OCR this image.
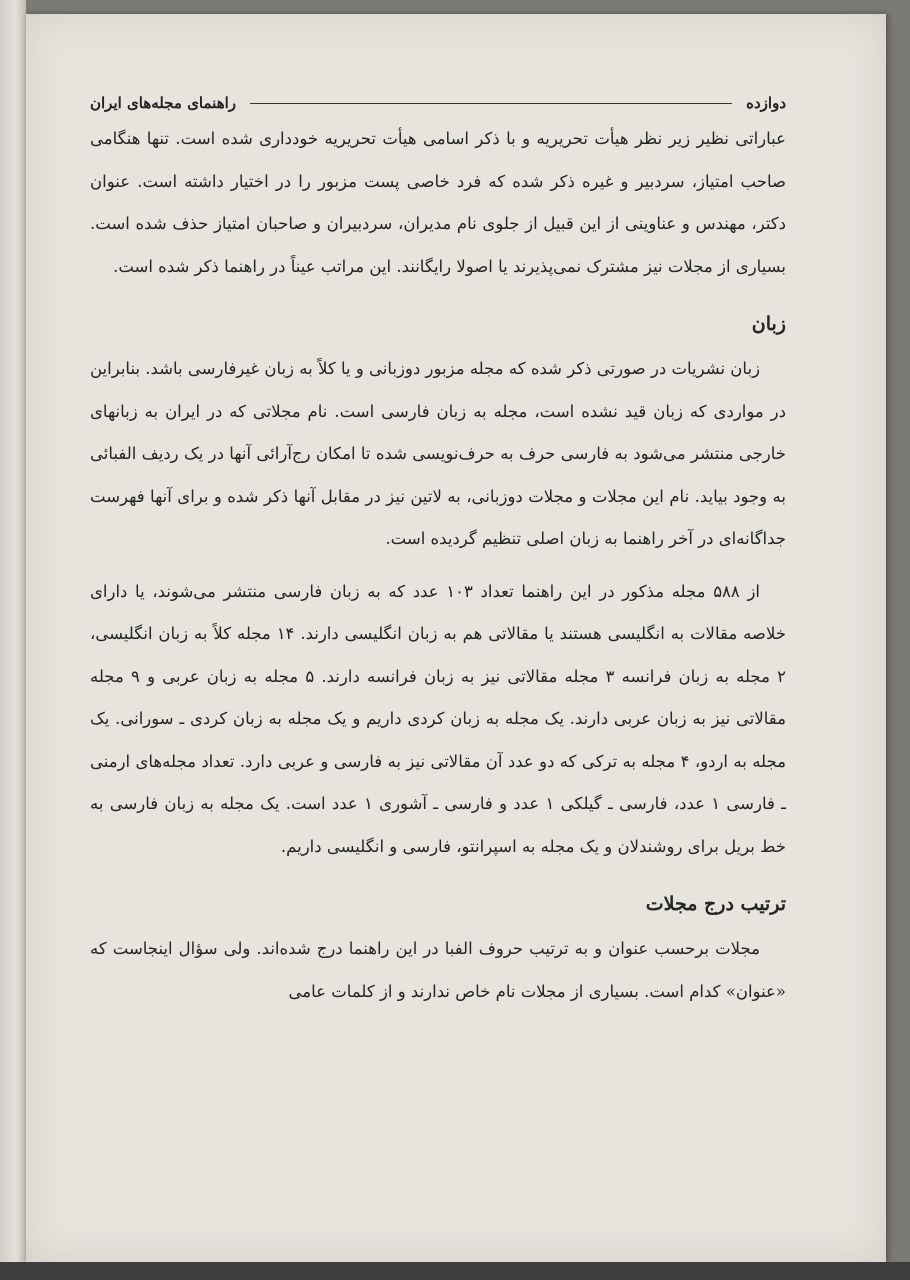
دوازده
راهنمای مجله‌های ایران

عباراتی نظیر زیر نظر هیأت تحریریه و با ذکر اسامی هیأت تحریریه خودداری شده است. تنها هنگامی صاحب امتیاز، سردبیر و غیره ذکر شده که فرد خاصی پست مزبور را در اختیار داشته است. عنوان دکتر، مهندس و عناوینی از این قبیل از جلوی نام مدیران، سردبیران و صاحبان امتیاز حذف شده است. بسیاری از مجلات نیز مشترک نمی‌پذیرند یا اصولا رایگانند. این مراتب عیناً در راهنما ذکر شده است.

زبان

زبان نشریات در صورتی ذکر شده که مجله مزبور دوزبانی و یا کلاً به زبان غیرفارسی باشد. بنابراین در مواردی که زبان قید نشده است، مجله به زبان فارسی است. نام مجلاتی که در ایران به زبانهای خارجی منتشر می‌شود به فارسی حرف به حرف‌نویسی شده تا امکان رج‌آرائی آنها در یک ردیف الفبائی به وجود بیاید. نام این مجلات و مجلات دوزبانی، به لاتین نیز در مقابل آنها ذکر شده و برای آنها فهرست جداگانه‌ای در آخر راهنما به زبان اصلی تنظیم گردیده است.

از ۵۸۸ مجله مذکور در این راهنما تعداد ۱۰۳ عدد که به زبان فارسی منتشر می‌شوند، یا دارای خلاصه مقالات به انگلیسی هستند یا مقالاتی هم به زبان انگلیسی دارند. ۱۴ مجله کلاً به زبان انگلیسی، ۲ مجله به زبان فرانسه ۳ مجله مقالاتی نیز به زبان فرانسه دارند. ۵ مجله به زبان عربی و ۹ مجله مقالاتی نیز به زبان عربی دارند. یک مجله به زبان کردی داریم و یک مجله به زبان کردی ـ سورانی. یک مجله به اردو، ۴ مجله به ترکی که دو عدد آن مقالاتی نیز به فارسی و عربی دارد. تعداد مجله‌های ارمنی ـ فارسی ۱ عدد، فارسی ـ گیلکی ۱ عدد و فارسی ـ آشوری ۱ عدد است. یک مجله به زبان فارسی به خط بریل برای روشندلان و یک مجله به اسپرانتو، فارسی و انگلیسی داریم.

ترتیب درج مجلات

مجلات برحسب عنوان و به ترتیب حروف الفبا در این راهنما درج شده‌اند. ولی سؤال اینجاست که «عنوان» کدام است. بسیاری از مجلات نام خاص ندارند و از کلمات عامی
